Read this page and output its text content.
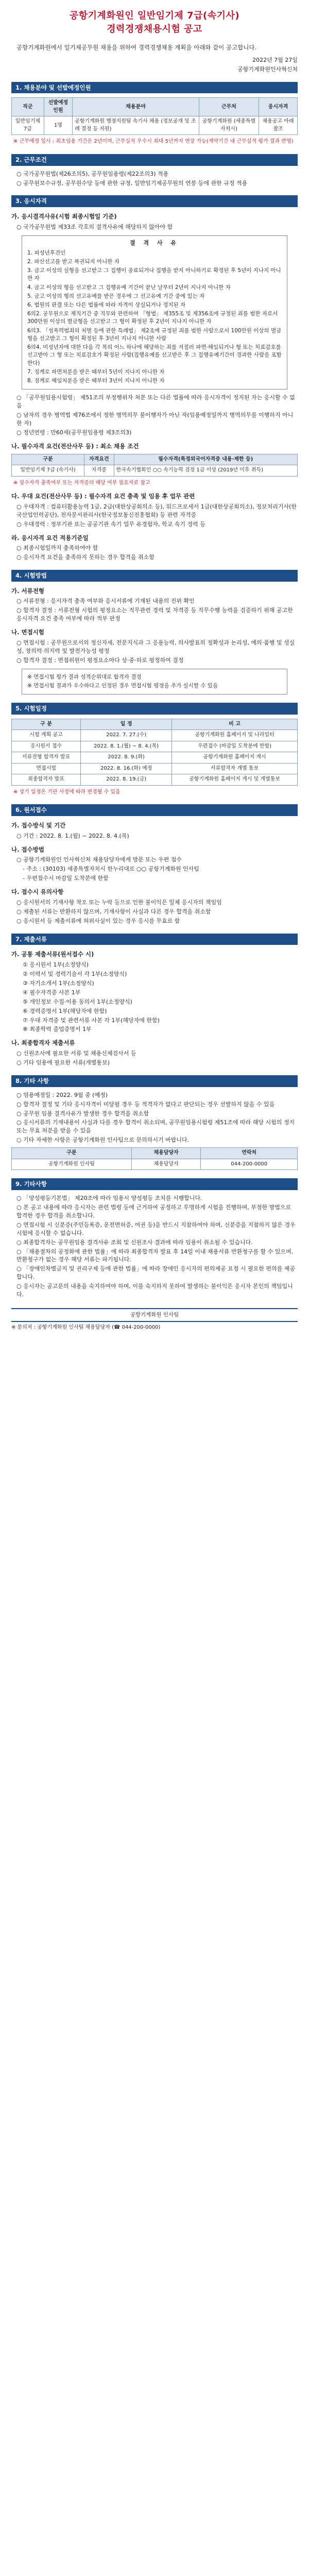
공항기계화원인 일반임기제 7급(속기사)
경력경쟁채용시험 공고
공항기계화원에서 일기제공무원 채용을 위하여 경력경쟁채용 계획을 아래와 같이 공고합니다.
2022년 7월 27일
공항기계화원인사혁신처
1. 채용분야 및 선발예정인원
직군	선발예정인원	채용분야	근무처	응시자격
일반임기제 7급	1명	공항기계화원 행정지원팀 속기사 채용 (정보공개 및 조례 결정 등 지원)	공항기계화원 (세종특별자치시)	채용공고 아래 참조
※ 근무예정 일시 : 최초임용 기간은 2년이며, 근무실적 우수시 최대 5년까지 연장 가능(계약기간 내 근무실적 평가 결과 반영)
2. 근무조건
○ 국가공무원법(제26조의5), 공무원임용령(제22조의3) 적용
○ 공무원보수규정, 공무원수당 등에 관한 규정, 일반임기제공무원의 연봉 등에 관한 규정 적용
3. 응시자격
가. 응시결격사유(시험 최종시험일 기준)
○ 국가공무원법 제33조 각호의 결격사유에 해당하지 않아야 함
결 격 사 유
1. 피성년후견인
2. 파산선고를 받고 복권되지 아니한 자
3. 금고 이상의 실형을 선고받고 그 집행이 종료되거나 집행을 받지 아니하기로 확정된 후 5년이 지나지 아니한 자
4. 금고 이상의 형을 선고받고 그 집행유예 기간이 끝난 날부터 2년이 지나지 아니한 자
5. 금고 이상의 형의 선고유예를 받은 경우에 그 선고유예 기간 중에 있는 자
6. 법원의 판결 또는 다른 법률에 따라 자격이 상실되거나 정지된 자
6의2. 공무원으로 재직기간 중 직무와 관련하여 「형법」 제355조 및 제356조에 규정된 죄를 범한 자로서 300만원 이상의 벌금형을 선고받고 그 형이 확정된 후 2년이 지나지 아니한 자
6의3. 「성폭력범죄의 처벌 등에 관한 특례법」 제2조에 규정된 죄를 범한 사람으로서 100만원 이상의 벌금형을 선고받고 그 형이 확정된 후 3년이 지나지 아니한 사람
6의4. 미성년자에 대한 다음 각 목의 어느 하나에 해당하는 죄를 저질러 파면·해임되거나 형 또는 치료감호를 선고받아 그 형 또는 치료감호가 확정된 사람(집행유예를 선고받은 후 그 집행유예기간이 경과한 사람을 포함한다)
7. 징계로 파면처분을 받은 때부터 5년이 지나지 아니한 자
8. 징계로 해임처분을 받은 때부터 3년이 지나지 아니한 자
○ 「공무원임용시험령」 제51조의 부정행위자 처분 또는 다른 법률에 따라 응시자격이 정지된 자는 응시할 수 없음
○ 남자의 경우 병역법 제76조에서 정한 병역의무 불이행자가 아닌 자(임용예정일까지 병역의무를 이행하지 아니한 자)
○ 정년연령 : 만60세(공무원임용령 제3조의3)
나. 필수자격 요건(전산사무 등) : 최소 채용 조건
구분	자격요건	필수자격(특정외국어자격증 내용·제한 등)
일반임기제 7급 (속기사)	자격증	한국속기협회인 ○○ 속기능력 검정 1급 이상 (2019년 이후 취득)
※ 필수자격 충족여부 또는 자격증의 해당 여부 필요자료 참고
다. 우대 요건(전산사무 등) : 필수자격 요건 충족 및 임용 후 업무 관련
○ 우대자격 : 컴퓨터활용능력 1급, 2급(대한상공회의소 등), 워드프로세서 1급(대한상공회의소), 정보처리기사(한국산업인력공단), 전자문서관리사(한국정보통신진흥협회) 등 관련 자격증
○ 우대경력 : 정부기관 또는 공공기관 속기 업무 유경험자, 학교 속기 경력 등
라. 응시자격 요건 적용기준일
○ 최종시험일까지 충족하여야 함
○ 응시자격 요건을 충족하지 못하는 경우 합격을 취소함
4. 시험방법
가. 서류전형
○ 서류전형 : 응시자격 충족 여부와 응시서류에 기재된 내용의 진위 확인
○ 합격자 결정 : 서류전형 시험의 평정요소는 직무관련 경력 및 자격증 등 직무수행 능력을 검증하기 위해 공고한 응시자격 요건 충족 여부에 따라 적부 판정
나. 면접시험
○ 면접시험 : 공무원으로서의 정신자세, 전문지식과 그 응용능력, 의사발표의 정확성과 논리성, 예의·품행 및 성실성, 창의력·의지력 및 발전가능성 평정
○ 합격자 결정 : 면접위원이 평정요소마다 상·중·하로 평정하여 결정
※ 면접시험 평가 결과 성적순위대로 합격자 결정
※ 면접시험 결과가 우수하다고 인정된 경우 면접시험 평정을 추가 실시할 수 있음
5. 시험일정
구 분	일 정	비 고
시험 계획 공고	2022. 7. 27.(수)	공항기계화원 홈페이지 및 나라일터
응시원서 접수	2022. 8. 1.(월) ~ 8. 4.(목)	우편접수 (마감일 도착분에 한함)
서류전형 합격자 발표	2022. 8. 9.(화)	공항기계화원 홈페이지 게시
면접시험	2022. 8. 16.(화) 예정	서류합격자 개별 통보
최종합격자 발표	2022. 8. 19.(금)	공항기계화원 홈페이지 게시 및 개별통보
※ 상기 일정은 기관 사정에 따라 변경될 수 있음
6. 원서접수
가. 접수방식 및 기간
○ 기간 : 2022. 8. 1.(월) ~ 2022. 8. 4.(목)
나. 접수방법
○ 공항기계화원인 인사혁신처 채용담당자에게 방문 또는 우편 접수
- 주소 : (30103) 세종특별자치시 한누리대로 ○○ 공항기계화원 인사팀
- 우편접수시 마감일 도착분에 한함
다. 접수시 유의사항
○ 응시원서의 기재사항 착오 또는 누락 등으로 인한 불이익은 일체 응시자의 책임임
○ 제출된 서류는 반환하지 않으며, 기재사항이 사실과 다른 경우 합격을 취소함
○ 응시원서 등 제출서류에 허위사실이 있는 경우 응시를 무효로 함
7. 제출서류
가. 공통 제출서류(원서접수 시)
① 응시원서 1부(소정양식)
② 이력서 및 경력기술서 각 1부(소정양식)
③ 자기소개서 1부(소정양식)
④ 필수자격증 사본 1부
⑤ 개인정보 수집·이용 동의서 1부(소정양식)
⑥ 경력증명서 1부(해당자에 한함)
⑦ 우대 자격증 및 관련서류 사본 각 1부(해당자에 한함)
⑧ 최종학력 졸업증명서 1부
나. 최종합격자 제출서류
○ 신원조사에 필요한 서류 및 채용신체검사서 등
○ 기타 임용에 필요한 서류(개별통보)
8. 기타 사항
○ 임용예정일 : 2022. 9월 중 (예정)
○ 합격자 결정 및 기타 응시자격이 미달될 경우 등 적격자가 없다고 판단되는 경우 선발하지 않을 수 있음
○ 공무원 임용 결격사유가 발생한 경우 합격을 취소함
○ 응시서류의 기재내용이 사실과 다를 경우 합격이 취소되며, 공무원임용시험령 제51조에 따라 해당 시험의 정지 또는 무효 처분을 받을 수 있음
○ 기타 자세한 사항은 공항기계화원 인사팀으로 문의하시기 바랍니다.
구분	채용담당자	연락처
공항기계화원 인사팀	채용담당자	044-200-0000
9. 기타사항
○ 「양성평등기본법」 제20조에 따라 임용시 양성평등 조치를 시행합니다.
○ 본 공고 내용에 따라 응시자는 관련 법령 등에 근거하여 공정하고 투명하게 시험을 진행하며, 부정한 방법으로 합격한 경우 합격을 취소합니다.
○ 면접시험 시 신분증(주민등록증, 운전면허증, 여권 등)을 반드시 지참하여야 하며, 신분증을 지참하지 않은 경우 시험에 응시할 수 없습니다.
○ 최종합격자는 공무원임용 결격사유 조회 및 신원조사 결과에 따라 임용이 취소될 수 있습니다.
○ 「채용절차의 공정화에 관한 법률」에 따라 최종합격자 발표 후 14일 이내 채용서류 반환청구를 할 수 있으며, 반환청구가 없는 경우 해당 서류는 파기됩니다.
○ 「장애인차별금지 및 권리구제 등에 관한 법률」에 따라 장애인 응시자의 편의제공 요청 시 필요한 편의를 제공합니다.
○ 응시자는 공고문의 내용을 숙지하여야 하며, 이를 숙지하지 못하여 발생하는 불이익은 응시자 본인의 책임입니다.
공항기계화원 인사팀
※ 문의처 : 공항기계화원 인사팀 채용담당자 (☎ 044-200-0000)
